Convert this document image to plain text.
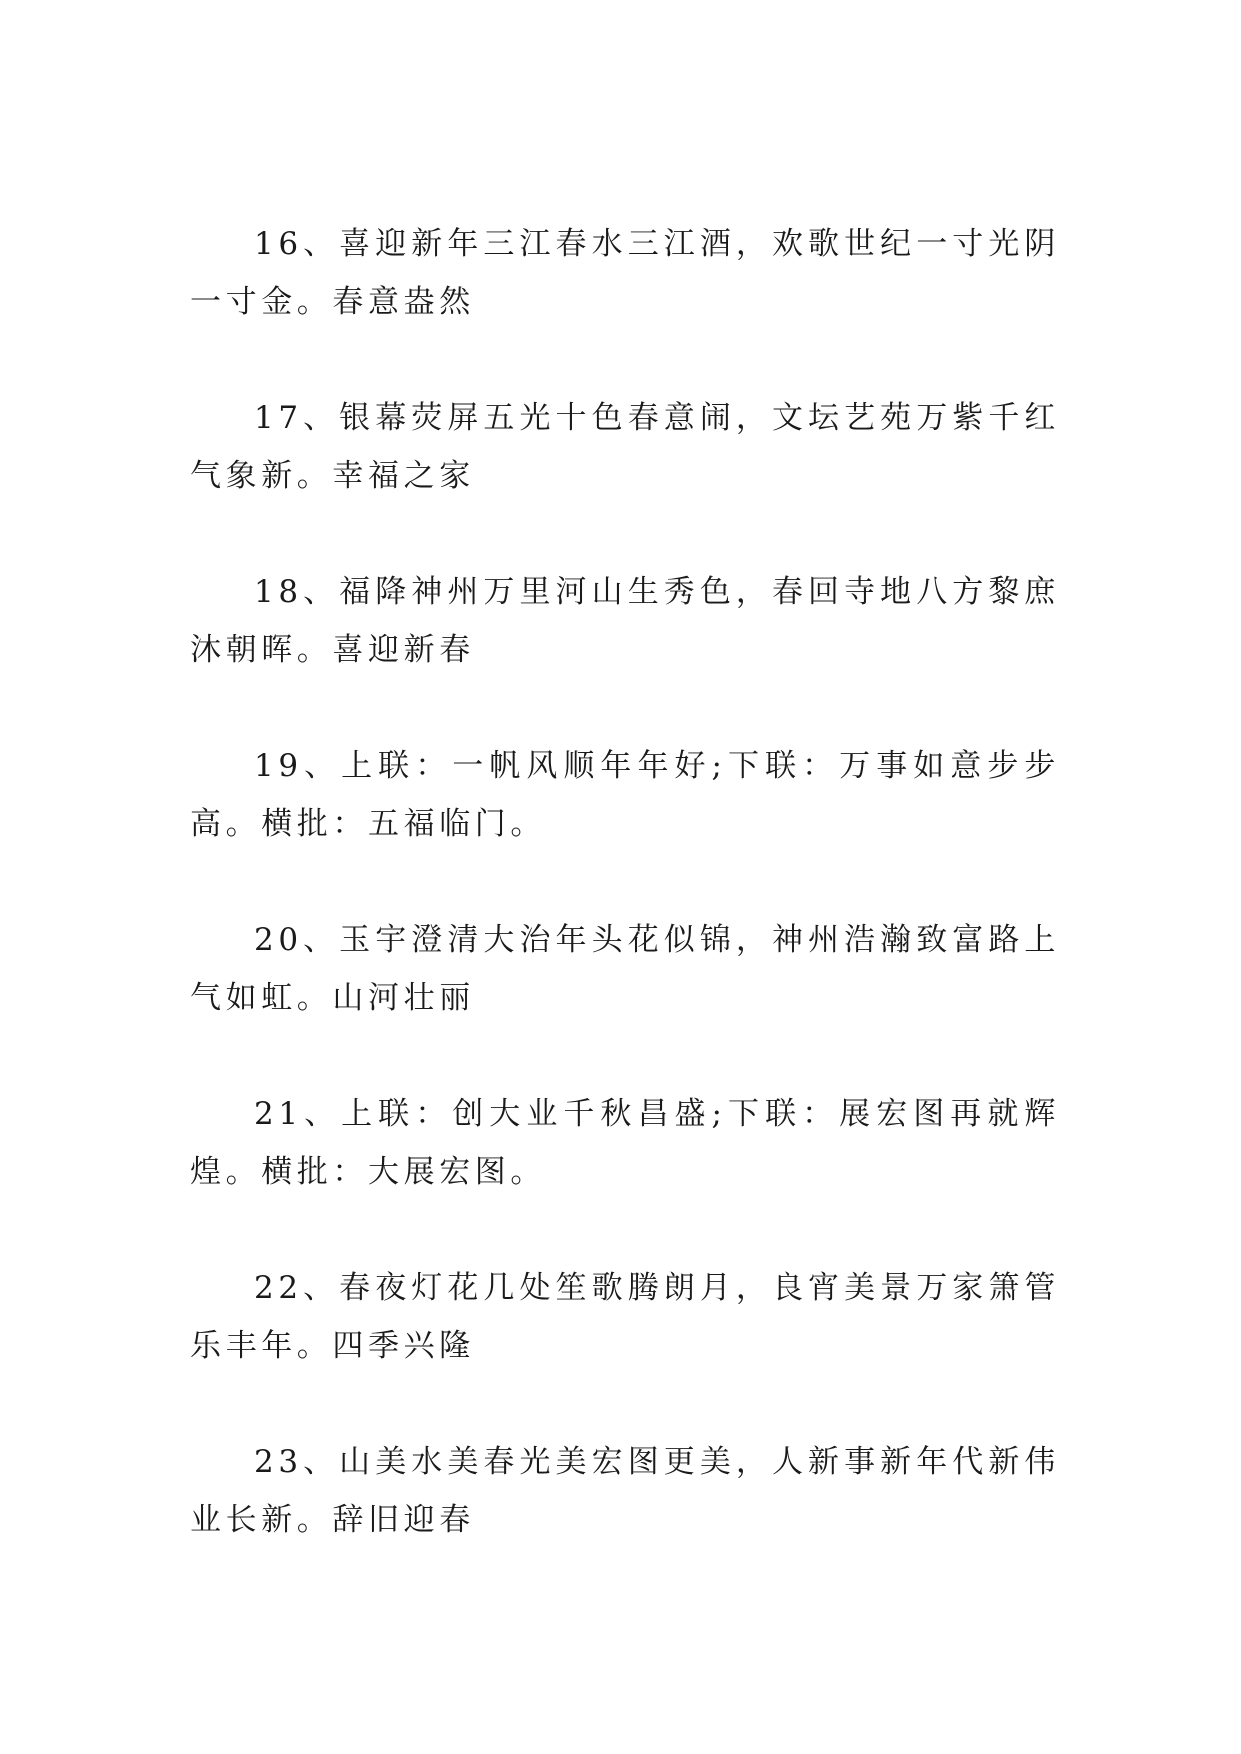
16、喜迎新年三江春水三江酒，欢歌世纪一寸光阴一寸金。春意盎然

17、银幕荧屏五光十色春意闹，文坛艺苑万紫千红气象新。幸福之家

18、福降神州万里河山生秀色，春回寺地八方黎庶沐朝晖。喜迎新春

19、上联：一帆风顺年年好;下联：万事如意步步高。横批：五福临门。

20、玉宇澄清大治年头花似锦，神州浩瀚致富路上气如虹。山河壮丽

21、上联：创大业千秋昌盛;下联：展宏图再就辉煌。横批：大展宏图。

22、春夜灯花几处笙歌腾朗月，良宵美景万家箫管乐丰年。四季兴隆

23、山美水美春光美宏图更美，人新事新年代新伟业长新。辞旧迎春
